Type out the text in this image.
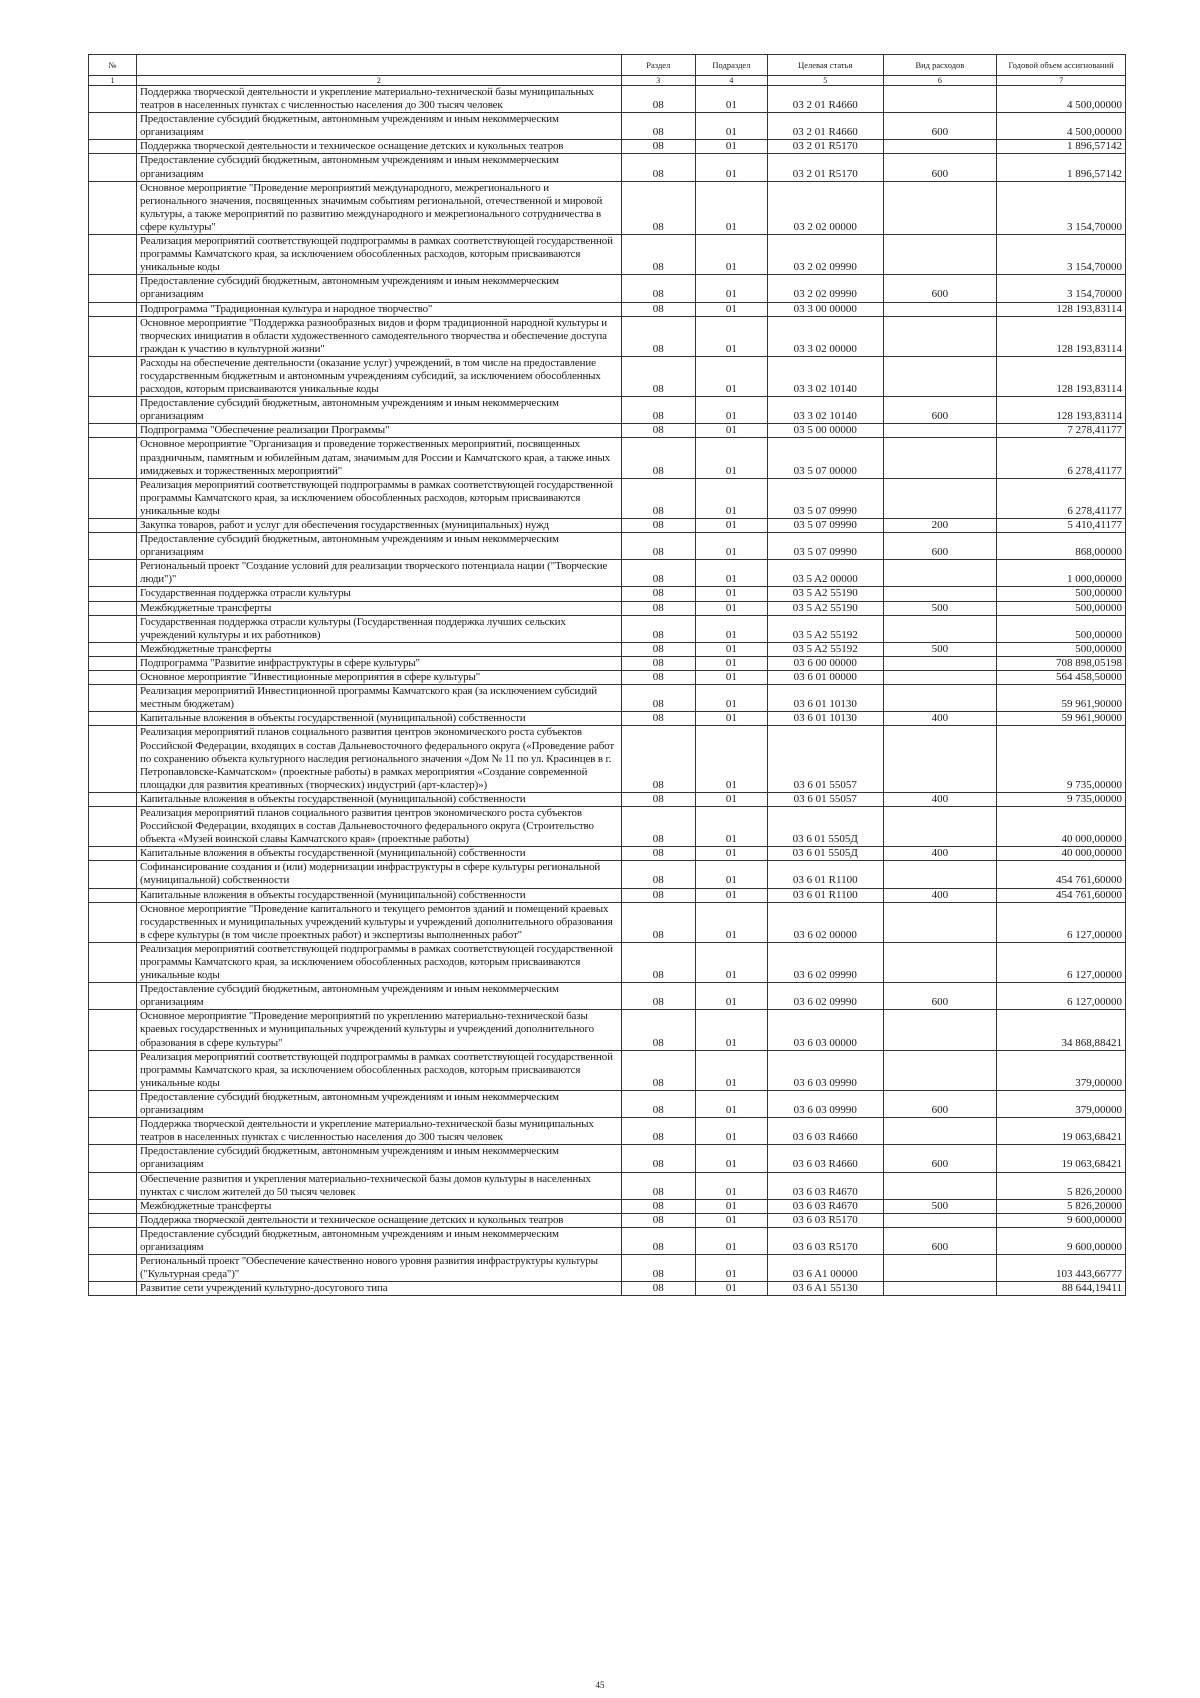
№		Раздел	Подраздел	Целевая статья	Вид расходов	Годовой объем ассигнований
1	2	3	4	5	6	7
	Поддержка творческой деятельности и укрепление материально-технической базы муниципальных театров в населенных пунктах с численностью населения до 300 тысяч человек	08	01	03 2 01 R4660		4 500,00000
	Предоставление субсидий бюджетным, автономным учреждениям и иным некоммерческим организациям	08	01	03 2 01 R4660	600	4 500,00000
	Поддержка творческой деятельности и техническое оснащение детских и кукольных театров	08	01	03 2 01 R5170		1 896,57142
	Предоставление субсидий бюджетным, автономным учреждениям и иным некоммерческим организациям	08	01	03 2 01 R5170	600	1 896,57142
	Основное мероприятие "Проведение мероприятий международного, межрегионального и регионального значения, посвященных значимым событиям региональной, отечественной и мировой культуры, а также мероприятий по развитию международного и межрегионального сотрудничества в сфере культуры"	08	01	03 2 02 00000		3 154,70000
	Реализация мероприятий соответствующей подпрограммы в рамках соответствующей государственной программы Камчатского края, за исключением обособленных расходов, которым присваиваются уникальные коды	08	01	03 2 02 09990		3 154,70000
	Предоставление субсидий бюджетным, автономным учреждениям и иным некоммерческим организациям	08	01	03 2 02 09990	600	3 154,70000
	Подпрограмма "Традиционная культура и народное творчество"	08	01	03 3 00 00000		128 193,83114
	Основное мероприятие "Поддержка разнообразных видов и форм традиционной народной культуры и творческих инициатив в области художественного самодеятельного творчества и обеспечение доступа граждан к участию в культурной жизни"	08	01	03 3 02 00000		128 193,83114
	Расходы на обеспечение деятельности (оказание услуг) учреждений, в том числе на предоставление государственным бюджетным и автономным учреждениям субсидий, за исключением обособленных расходов, которым присваиваются уникальные коды	08	01	03 3 02 10140		128 193,83114
	Предоставление субсидий бюджетным, автономным учреждениям и иным некоммерческим организациям	08	01	03 3 02 10140	600	128 193,83114
	Подпрограмма "Обеспечение реализации Программы"	08	01	03 5 00 00000		7 278,41177
	Основное мероприятие "Организация и проведение торжественных мероприятий, посвященных праздничным, памятным и юбилейным датам, значимым для России и Камчатского края, а также иных имиджевых и торжественных мероприятий"	08	01	03 5 07 00000		6 278,41177
	Реализация мероприятий соответствующей подпрограммы в рамках соответствующей государственной программы Камчатского края, за исключением обособленных расходов, которым присваиваются уникальные коды	08	01	03 5 07 09990		6 278,41177
	Закупка товаров, работ и услуг для обеспечения государственных (муниципальных) нужд	08	01	03 5 07 09990	200	5 410,41177
	Предоставление субсидий бюджетным, автономным учреждениям и иным некоммерческим организациям	08	01	03 5 07 09990	600	868,00000
	Региональный проект "Создание условий для реализации творческого потенциала нации ("Творческие люди")"	08	01	03 5 A2 00000		1 000,00000
	Государственная поддержка отрасли культуры	08	01	03 5 A2 55190		500,00000
	Межбюджетные трансферты	08	01	03 5 A2 55190	500	500,00000
	Государственная поддержка отрасли культуры (Государственная поддержка лучших сельских учреждений культуры и их работников)	08	01	03 5 A2 55192		500,00000
	Межбюджетные трансферты	08	01	03 5 A2 55192	500	500,00000
	Подпрограмма "Развитие инфраструктуры в сфере культуры"	08	01	03 6 00 00000		708 898,05198
	Основное мероприятие "Инвестиционные мероприятия в сфере культуры"	08	01	03 6 01 00000		564 458,50000
	Реализация мероприятий Инвестиционной программы Камчатского края (за исключением субсидий местным бюджетам)	08	01	03 6 01 10130		59 961,90000
	Капитальные вложения в объекты государственной (муниципальной) собственности	08	01	03 6 01 10130	400	59 961,90000
	Реализация мероприятий планов социального развития центров экономического роста субъектов Российской Федерации, входящих в состав Дальневосточного федерального округа («Проведение работ по сохранению объекта культурного наследия регионального значения «Дом № 11 по ул. Красинцев в г. Петропавловске-Камчатском» (проектные работы) в рамках мероприятия «Создание современной площадки для развития креативных (творческих) индустрий (арт-кластер)»)	08	01	03 6 01 55057		9 735,00000
	Капитальные вложения в объекты государственной (муниципальной) собственности	08	01	03 6 01 55057	400	9 735,00000
	Реализация мероприятий планов социального развития центров экономического роста субъектов Российской Федерации, входящих в состав Дальневосточного федерального округа (Строительство объекта «Музей воинской славы Камчатского края» (проектные работы)	08	01	03 6 01 5505Д		40 000,00000
	Капитальные вложения в объекты государственной (муниципальной) собственности	08	01	03 6 01 5505Д	400	40 000,00000
	Софинансирование создания и (или) модернизации инфраструктуры в сфере культуры региональной (муниципальной) собственности	08	01	03 6 01 R1100		454 761,60000
	Капитальные вложения в объекты государственной (муниципальной) собственности	08	01	03 6 01 R1100	400	454 761,60000
	Основное мероприятие "Проведение капитального и текущего ремонтов зданий и помещений краевых государственных и муниципальных учреждений культуры и учреждений дополнительного образования в сфере культуры (в том числе проектных работ) и экспертизы выполненных работ"	08	01	03 6 02 00000		6 127,00000
	Реализация мероприятий соответствующей подпрограммы в рамках соответствующей государственной программы Камчатского края, за исключением обособленных расходов, которым присваиваются уникальные коды	08	01	03 6 02 09990		6 127,00000
	Предоставление субсидий бюджетным, автономным учреждениям и иным некоммерческим организациям	08	01	03 6 02 09990	600	6 127,00000
	Основное мероприятие "Проведение мероприятий по укреплению материально-технической базы краевых государственных и муниципальных учреждений культуры и учреждений дополнительного образования в сфере культуры"	08	01	03 6 03 00000		34 868,88421
	Реализация мероприятий соответствующей подпрограммы в рамках соответствующей государственной программы Камчатского края, за исключением обособленных расходов, которым присваиваются уникальные коды	08	01	03 6 03 09990		379,00000
	Предоставление субсидий бюджетным, автономным учреждениям и иным некоммерческим организациям	08	01	03 6 03 09990	600	379,00000
	Поддержка творческой деятельности и укрепление материально-технической базы муниципальных театров в населенных пунктах с численностью населения до 300 тысяч человек	08	01	03 6 03 R4660		19 063,68421
	Предоставление субсидий бюджетным, автономным учреждениям и иным некоммерческим организациям	08	01	03 6 03 R4660	600	19 063,68421
	Обеспечение развития и укрепления материально-технической базы домов культуры в населенных пунктах с числом жителей до 50 тысяч человек	08	01	03 6 03 R4670		5 826,20000
	Межбюджетные трансферты	08	01	03 6 03 R4670	500	5 826,20000
	Поддержка творческой деятельности и техническое оснащение детских и кукольных театров	08	01	03 6 03 R5170		9 600,00000
	Предоставление субсидий бюджетным, автономным учреждениям и иным некоммерческим организациям	08	01	03 6 03 R5170	600	9 600,00000
	Региональный проект "Обеспечение качественно нового уровня развития инфраструктуры культуры ("Культурная среда")"	08	01	03 6 A1 00000		103 443,66777
	Развитие сети учреждений культурно-досугового типа	08	01	03 6 A1 55130		88 644,19411
45
